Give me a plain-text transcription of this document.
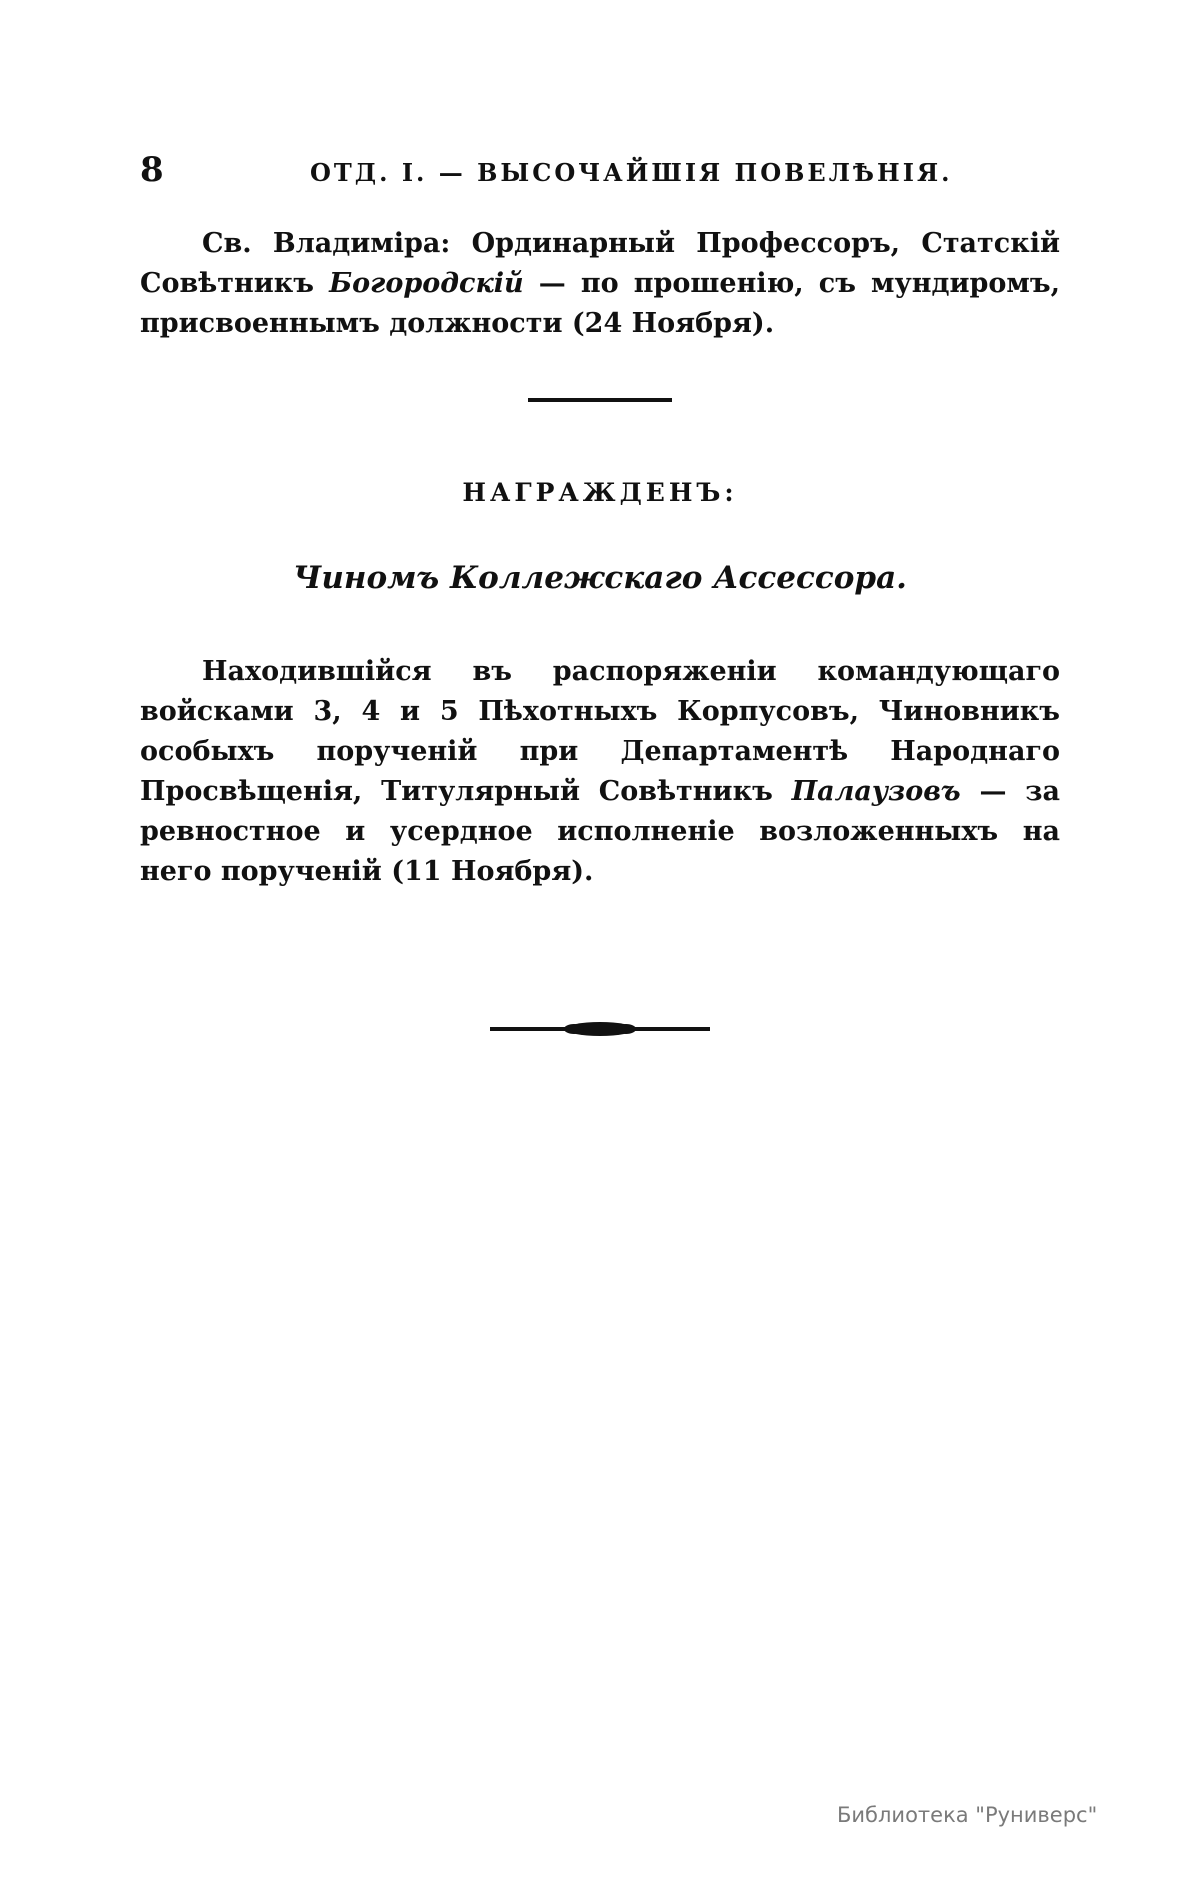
8	ОТД. I. — ВЫСОЧАЙШІЯ ПОВЕЛѢНІЯ.

Св. Владиміра: Ординарный Профессоръ, Статскій Совѣтникъ Богородскій — по прошенію, съ мундиромъ, присвоеннымъ должности (24 Ноября).

НАГРАЖДЕНЪ:
Чиномъ Коллежскаго Ассессора.

Находившійся въ распоряженіи командующаго войсками 3, 4 и 5 Пѣхотныхъ Корпусовъ, Чиновникъ особыхъ порученій при Департаментѣ Народнаго Просвѣщенія, Титулярный Совѣтникъ Палаузовъ — за ревностное и усердное исполненіе возложенныхъ на него порученій (11 Ноября).

Библиотека "Руниверс"
